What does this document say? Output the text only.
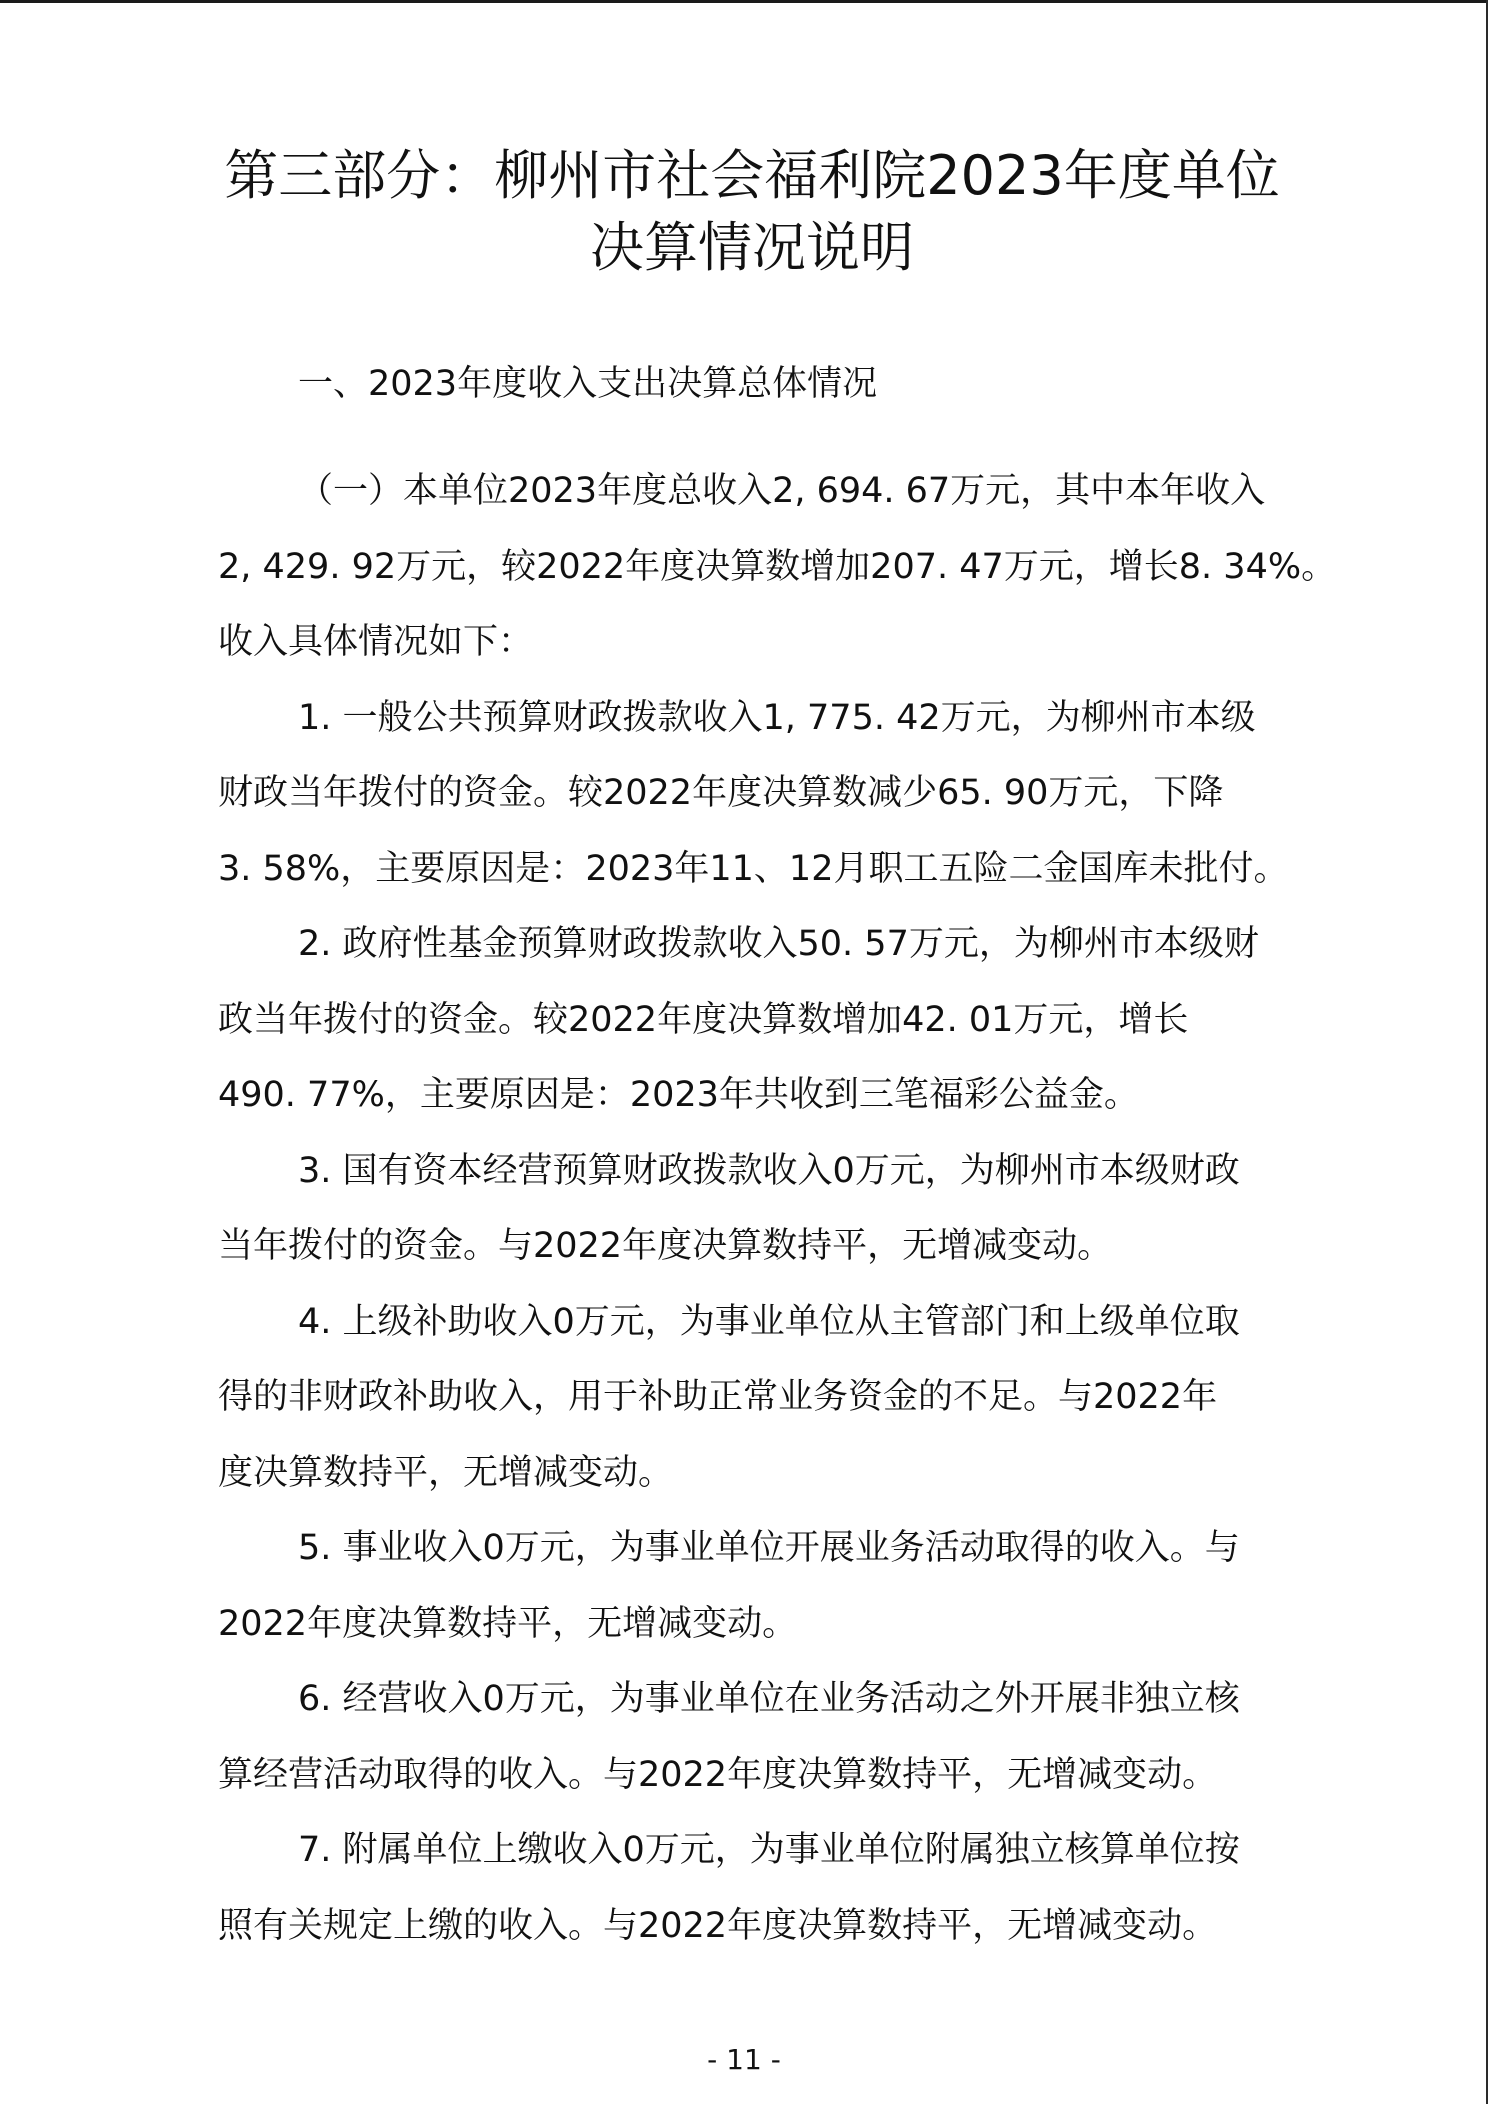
第三部分：柳州市社会福利院2023年度单位
决算情况说明
一、2023年度收入支出决算总体情况
（一）本单位2023年度总收入2, 694. 67万元，其中本年收入
2, 429. 92万元，较2022年度决算数增加207. 47万元，增长8. 34%。
收入具体情况如下：
1. 一般公共预算财政拨款收入1, 775. 42万元，为柳州市本级
财政当年拨付的资金。较2022年度决算数减少65. 90万元，下降
3. 58%，主要原因是：2023年11、12月职工五险二金国库未批付。
2. 政府性基金预算财政拨款收入50. 57万元，为柳州市本级财
政当年拨付的资金。较2022年度决算数增加42. 01万元，增长
490. 77%，主要原因是：2023年共收到三笔福彩公益金。
3. 国有资本经营预算财政拨款收入0万元，为柳州市本级财政
当年拨付的资金。与2022年度决算数持平，无增减变动。
4. 上级补助收入0万元，为事业单位从主管部门和上级单位取
得的非财政补助收入，用于补助正常业务资金的不足。与2022年
度决算数持平，无增减变动。
5. 事业收入0万元，为事业单位开展业务活动取得的收入。与
2022年度决算数持平，无增减变动。
6. 经营收入0万元，为事业单位在业务活动之外开展非独立核
算经营活动取得的收入。与2022年度决算数持平，无增减变动。
7. 附属单位上缴收入0万元，为事业单位附属独立核算单位按
照有关规定上缴的收入。与2022年度决算数持平，无增减变动。
- 11 -
